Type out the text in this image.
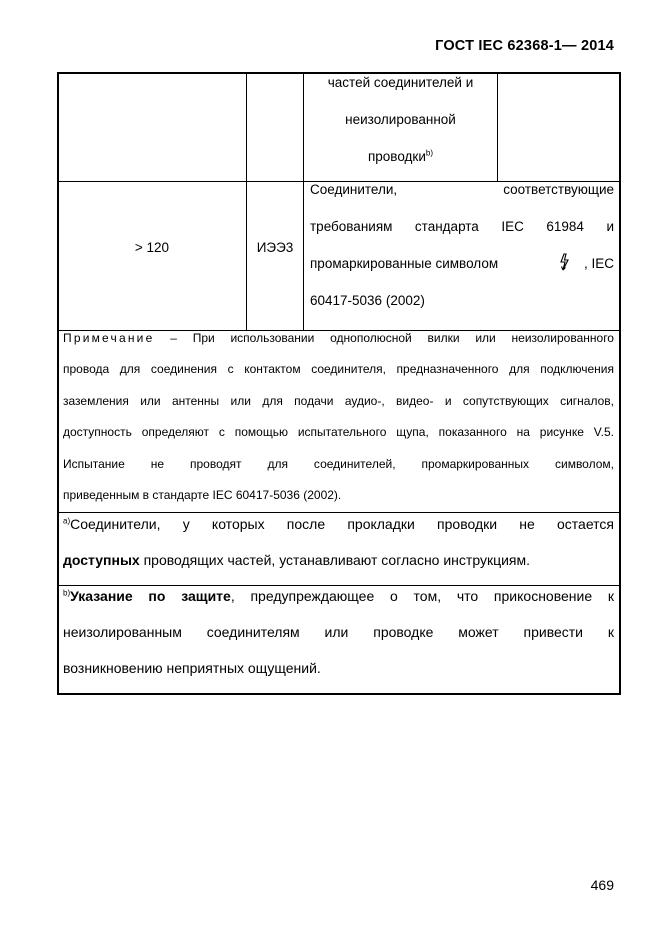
ГОСТ IEC 62368-1— 2014
частей соединителей и
неизолированной
проводки$^{b)}$
> 120	ИЭЭ3
Соединители, соответствующие
требованиям стандарта IEC 61984 и
промаркированные символом	, IEC
60417-5036 (2002)
Примечание – При использовании однополюсной вилки или неизолированного
провода для соединения с контактом соединителя, предназначенного для подключения
заземления или антенны или для подачи аудио-, видео- и сопутствующих сигналов,
доступность определяют с помощью испытательного щупа, показанного на рисунке V.5.
Испытание не проводят для соединителей, промаркированных символом,
приведенным в стандарте IEC 60417-5036 (2002).
$^{a)}$Соединители, у которых после прокладки проводки не остается
доступных проводящих частей, устанавливают согласно инструкциям.
$^{b)}$Указание по защите, предупреждающее о том, что прикосновение к
неизолированным соединителям или проводке может привести к
возникновению неприятных ощущений.
469
